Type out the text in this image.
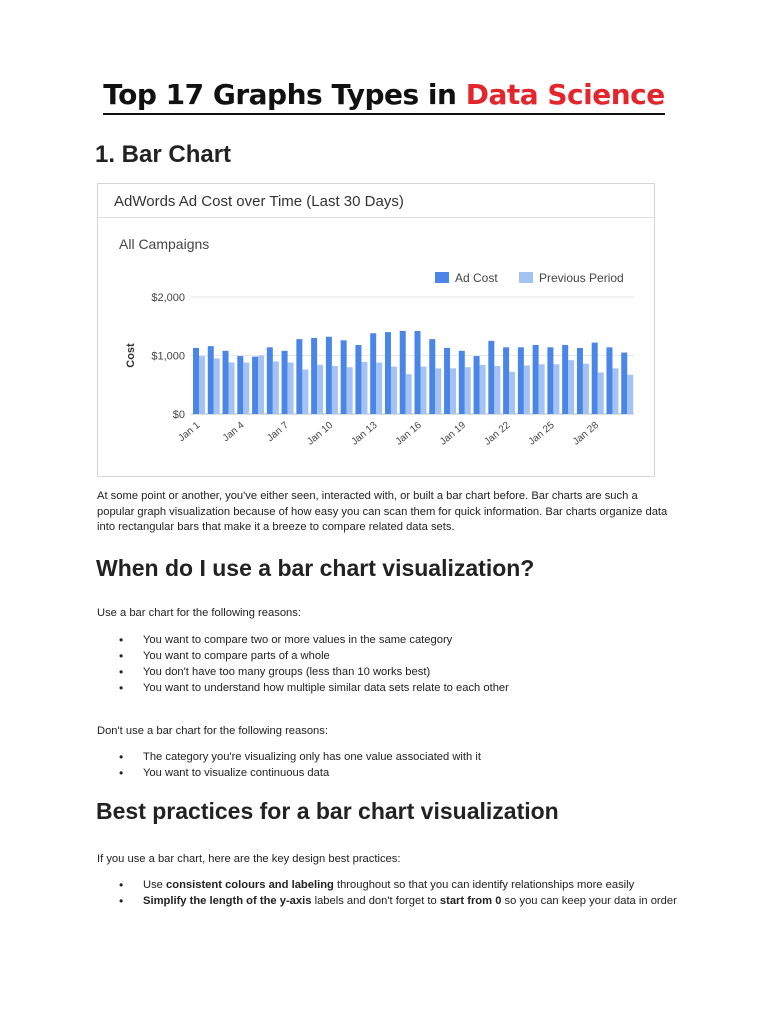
Top 17 Graphs Types in Data Science
1. Bar Chart
AdWords Ad Cost over Time (Last 30 Days)
All Campaigns
$0
$1,000
$2,000
Cost
Jan 1 Jan 4 Jan 7 Jan 10 Jan 13 Jan 16 Jan 19 Jan 22 Jan 25 Jan 28
Ad Cost	Previous Period

At some point or another, you've either seen, interacted with, or built a bar chart before. Bar charts are such a popular graph visualization because of how easy you can scan them for quick information. Bar charts organize data into rectangular bars that make it a breeze to compare related data sets.

When do I use a bar chart visualization?

Use a bar chart for the following reasons:

• You want to compare two or more values in the same category
• You want to compare parts of a whole
• You don't have too many groups (less than 10 works best)
• You want to understand how multiple similar data sets relate to each other

Don't use a bar chart for the following reasons:

• The category you're visualizing only has one value associated with it
• You want to visualize continuous data
Best practices for a bar chart visualization

If you use a bar chart, here are the key design best practices:

• Use consistent colours and labeling throughout so that you can identify relationships more easily
• Simplify the length of the y-axis labels and don't forget to start from 0 so you can keep your data in order
